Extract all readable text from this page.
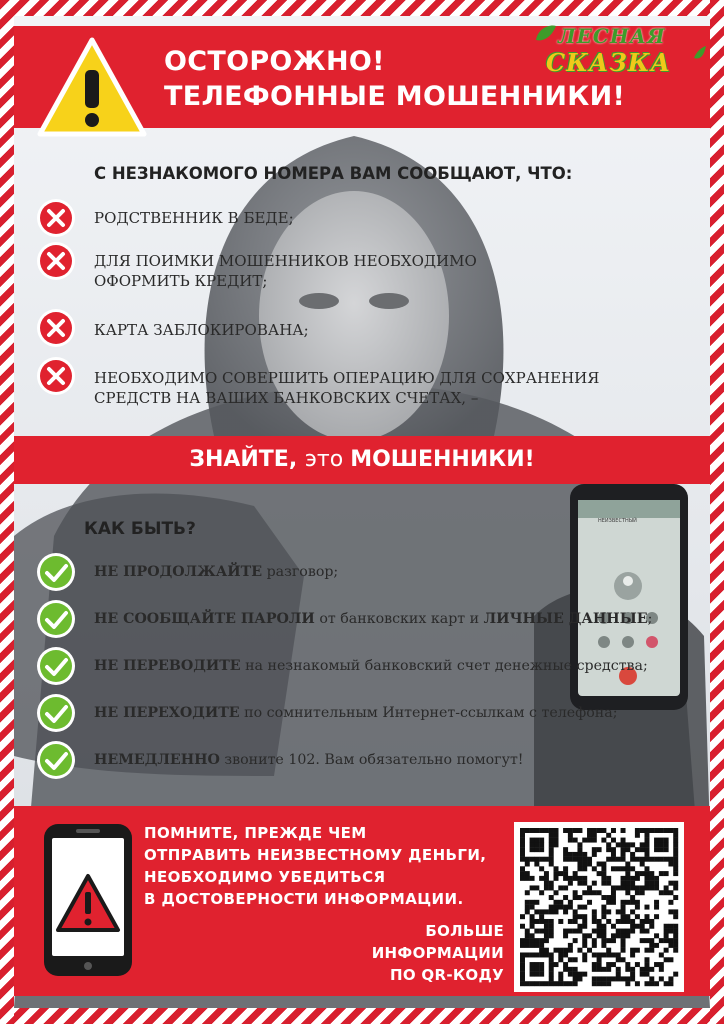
НЕИЗВЕСТНЫЙ
ОСТОРОЖНО!
ТЕЛЕФОННЫЕ МОШЕННИКИ!
ЛЕСНАЯ
СКАЗКА
С НЕЗНАКОМОГО НОМЕРА ВАМ СООБЩАЮТ, ЧТО:
РОДСТВЕННИК В БЕДЕ;
ДЛЯ ПОИМКИ МОШЕННИКОВ НЕОБХОДИМО
ОФОРМИТЬ КРЕДИТ;
КАРТА ЗАБЛОКИРОВАНА;
НЕОБХОДИМО СОВЕРШИТЬ ОПЕРАЦИЮ ДЛЯ СОХРАНЕНИЯ
СРЕДСТВ НА ВАШИХ БАНКОВСКИХ СЧЕТАХ, –
ЗНАЙТЕ, это МОШЕННИКИ!
КАК БЫТЬ?
НЕ ПРОДОЛЖАЙТЕ разговор;
НЕ СООБЩАЙТЕ ПАРОЛИ от банковских карт и ЛИЧНЫЕ ДАННЫЕ;
НЕ ПЕРЕВОДИТЕ на незнакомый банковский счет денежные средства;
НЕ ПЕРЕХОДИТЕ по сомнительным Интернет-ссылкам с телефона;
НЕМЕДЛЕННО звоните 102. Вам обязательно помогут!
ПОМНИТЕ, ПРЕЖДЕ ЧЕМ
ОТПРАВИТЬ НЕИЗВЕСТНОМУ ДЕНЬГИ,
НЕОБХОДИМО УБЕДИТЬСЯ
В ДОСТОВЕРНОСТИ ИНФОРМАЦИИ.
БОЛЬШЕ
ИНФОРМАЦИИ
ПО QR-КОДУ
